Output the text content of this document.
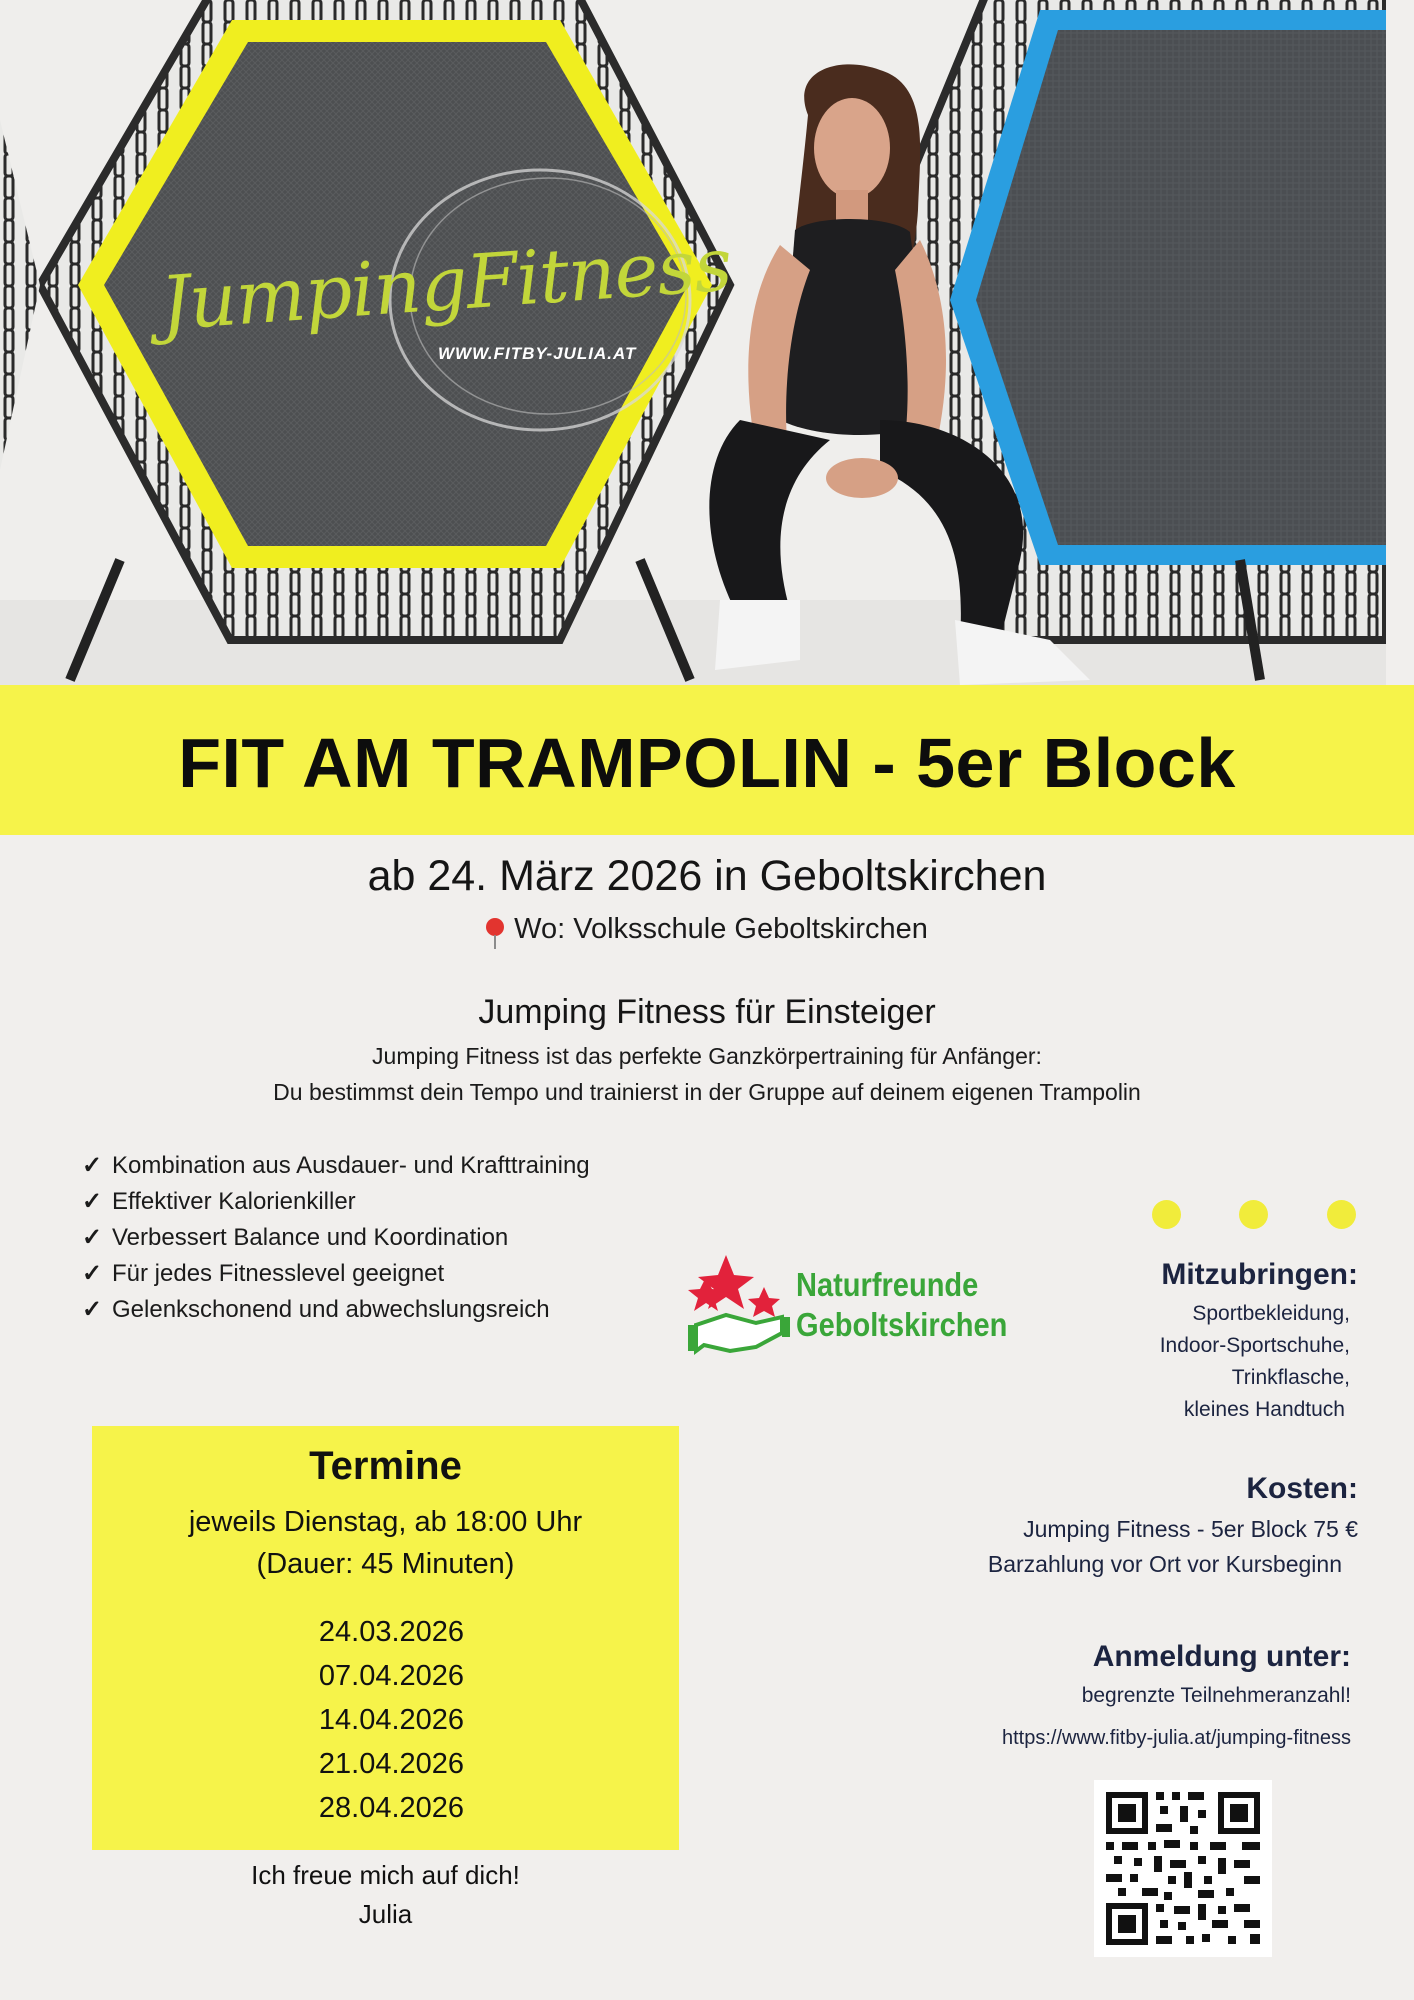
JumpingFitness
WWW.FITBY-JULIA.AT
FIT AM TRAMPOLIN - 5er Block
ab 24. März 2026 in Geboltskirchen
Wo: Volksschule Geboltskirchen
Jumping Fitness für Einsteiger
Jumping Fitness ist das perfekte Ganzkörpertraining für Anfänger:
Du bestimmst dein Tempo und trainierst in der Gruppe auf deinem eigenen Trampolin
✓ Kombination aus Ausdauer- und Krafttraining
✓ Effektiver Kalorienkiller
✓ Verbessert Balance und Koordination
✓ Für jedes Fitnesslevel geeignet
✓ Gelenkschonend und abwechslungsreich
Naturfreunde
Geboltskirchen
Mitzubringen:
Sportbekleidung,
Indoor-Sportschuhe,
Trinkflasche,
kleines Handtuch
Kosten:
Jumping Fitness - 5er Block 75 €
Barzahlung vor Ort vor Kursbeginn
Anmeldung unter:
begrenzte Teilnehmeranzahl!
https://www.fitby-julia.at/jumping-fitness
Termine
jeweils Dienstag, ab 18:00 Uhr
(Dauer: 45 Minuten)
24.03.2026
07.04.2026
14.04.2026
21.04.2026
28.04.2026
Ich freue mich auf dich!
Julia
